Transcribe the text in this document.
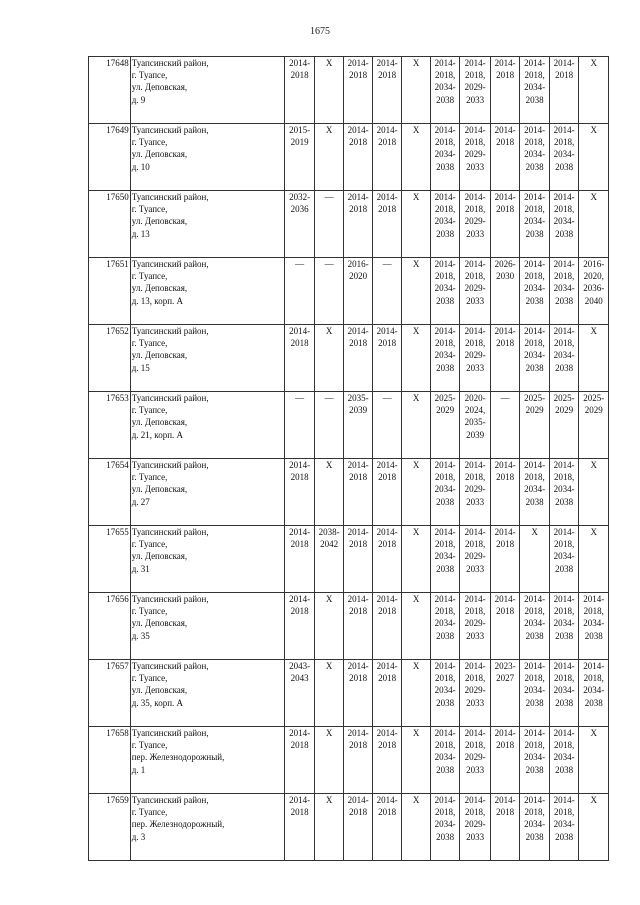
1675
17648	Туапсинский район,
г. Туапсе,
ул. Деповская,
д. 9	2014-
2018	Х	2014-
2018	2014-
2018	Х	2014-
2018,
2034-
2038	2014-
2018,
2029-
2033	2014-
2018	2014-
2018,
2034-
2038	2014-
2018	Х

17649	Туапсинский район,
г. Туапсе,
ул. Деповская,
д. 10	2015-
2019	Х	2014-
2018	2014-
2018	Х	2014-
2018,
2034-
2038	2014-
2018,
2029-
2033	2014-
2018	2014-
2018,
2034-
2038	2014-
2018,
2034-
2038	Х

17650	Туапсинский район,
г. Туапсе,
ул. Деповская,
д. 13	2032-
2036	—	2014-
2018	2014-
2018	Х	2014-
2018,
2034-
2038	2014-
2018,
2029-
2033	2014-
2018	2014-
2018,
2034-
2038	2014-
2018,
2034-
2038	Х

17651	Туапсинский район,
г. Туапсе,
ул. Деповская,
д. 13, корп. А	—	—	2016-
2020	—	Х	2014-
2018,
2034-
2038	2014-
2018,
2029-
2033	2026-
2030	2014-
2018,
2034-
2038	2014-
2018,
2034-
2038	2016-
2020,
2036-
2040

17652	Туапсинский район,
г. Туапсе,
ул. Деповская,
д. 15	2014-
2018	Х	2014-
2018	2014-
2018	Х	2014-
2018,
2034-
2038	2014-
2018,
2029-
2033	2014-
2018	2014-
2018,
2034-
2038	2014-
2018,
2034-
2038	Х

17653	Туапсинский район,
г. Туапсе,
ул. Деповская,
д. 21, корп. А	—	—	2035-
2039	—	Х	2025-
2029	2020-
2024,
2035-
2039	—	2025-
2029	2025-
2029	2025-
2029

17654	Туапсинский район,
г. Туапсе,
ул. Деповская,
д. 27	2014-
2018	Х	2014-
2018	2014-
2018	Х	2014-
2018,
2034-
2038	2014-
2018,
2029-
2033	2014-
2018	2014-
2018,
2034-
2038	2014-
2018,
2034-
2038	Х

17655	Туапсинский район,
г. Туапсе,
ул. Деповская,
д. 31	2014-
2018	2038-
2042	2014-
2018	2014-
2018	Х	2014-
2018,
2034-
2038	2014-
2018,
2029-
2033	2014-
2018	Х	2014-
2018,
2034-
2038	Х

17656	Туапсинский район,
г. Туапсе,
ул. Деповская,
д. 35	2014-
2018	Х	2014-
2018	2014-
2018	Х	2014-
2018,
2034-
2038	2014-
2018,
2029-
2033	2014-
2018	2014-
2018,
2034-
2038	2014-
2018,
2034-
2038	2014-
2018,
2034-
2038

17657	Туапсинский район,
г. Туапсе,
ул. Деповская,
д. 35, корп. А	2043-
2043	Х	2014-
2018	2014-
2018	Х	2014-
2018,
2034-
2038	2014-
2018,
2029-
2033	2023-
2027	2014-
2018,
2034-
2038	2014-
2018,
2034-
2038	2014-
2018,
2034-
2038

17658	Туапсинский район,
г. Туапсе,
пер. Железнодорожный,
д. 1	2014-
2018	Х	2014-
2018	2014-
2018	Х	2014-
2018,
2034-
2038	2014-
2018,
2029-
2033	2014-
2018	2014-
2018,
2034-
2038	2014-
2018,
2034-
2038	Х

17659	Туапсинский район,
г. Туапсе,
пер. Железнодорожный,
д. 3	2014-
2018	Х	2014-
2018	2014-
2018	Х	2014-
2018,
2034-
2038	2014-
2018,
2029-
2033	2014-
2018	2014-
2018,
2034-
2038	2014-
2018,
2034-
2038	Х
